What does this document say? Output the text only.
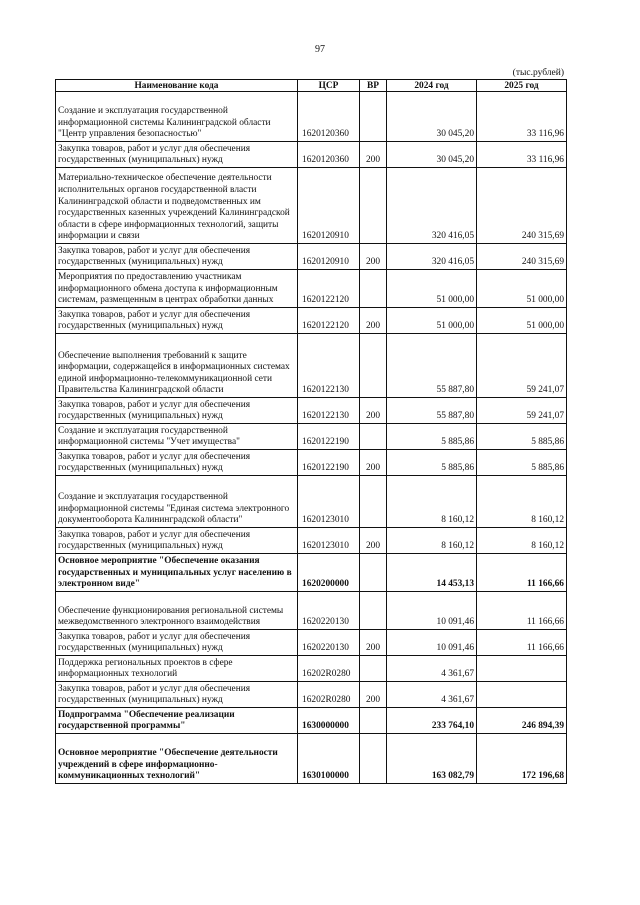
97
(тыс.рублей)
Наименование кода	ЦСР	ВР	2024 год	2025 год
Создание и эксплуатация государственной информационной системы Калининградской области "Центр управления безопасностью"	1620120360		30 045,20	33 116,96
Закупка товаров, работ и услуг для обеспечения государственных (муниципальных) нужд	1620120360	200	30 045,20	33 116,96
Материально-техническое обеспечение деятельности исполнительных органов государственной власти Калининградской области и подведомственных им государственных казенных учреждений Калининградской области в сфере информационных технологий, защиты информации и связи	1620120910		320 416,05	240 315,69
Закупка товаров, работ и услуг для обеспечения государственных (муниципальных) нужд	1620120910	200	320 416,05	240 315,69
Мероприятия по предоставлению участникам информационного обмена доступа к информационным системам, размещенным в центрах обработки данных	1620122120		51 000,00	51 000,00
Закупка товаров, работ и услуг для обеспечения государственных (муниципальных) нужд	1620122120	200	51 000,00	51 000,00
Обеспечение выполнения требований к защите информации, содержащейся в информационных системах единой информационно-телекоммуникационной сети Правительства Калининградской области	1620122130		55 887,80	59 241,07
Закупка товаров, работ и услуг для обеспечения государственных (муниципальных) нужд	1620122130	200	55 887,80	59 241,07
Создание и эксплуатация государственной информационной системы "Учет имущества"	1620122190		5 885,86	5 885,86
Закупка товаров, работ и услуг для обеспечения государственных (муниципальных) нужд	1620122190	200	5 885,86	5 885,86
Создание и эксплуатация государственной информационной системы "Единая система электронного документооборота Калининградской области"	1620123010		8 160,12	8 160,12
Закупка товаров, работ и услуг для обеспечения государственных (муниципальных) нужд	1620123010	200	8 160,12	8 160,12
Основное мероприятие "Обеспечение оказания государственных и муниципальных услуг населению в электронном виде"	1620200000		14 453,13	11 166,66
Обеспечение функционирования региональной системы межведомственного электронного взаимодействия	1620220130		10 091,46	11 166,66
Закупка товаров, работ и услуг для обеспечения государственных (муниципальных) нужд	1620220130	200	10 091,46	11 166,66
Поддержка региональных проектов в сфере информационных технологий	16202R0280		4 361,67	
Закупка товаров, работ и услуг для обеспечения государственных (муниципальных) нужд	16202R0280	200	4 361,67	
Подпрограмма "Обеспечение реализации государственной программы"	1630000000		233 764,10	246 894,39
Основное мероприятие "Обеспечение деятельности учреждений в сфере информационно-коммуникационных технологий"	1630100000		163 082,79	172 196,68
